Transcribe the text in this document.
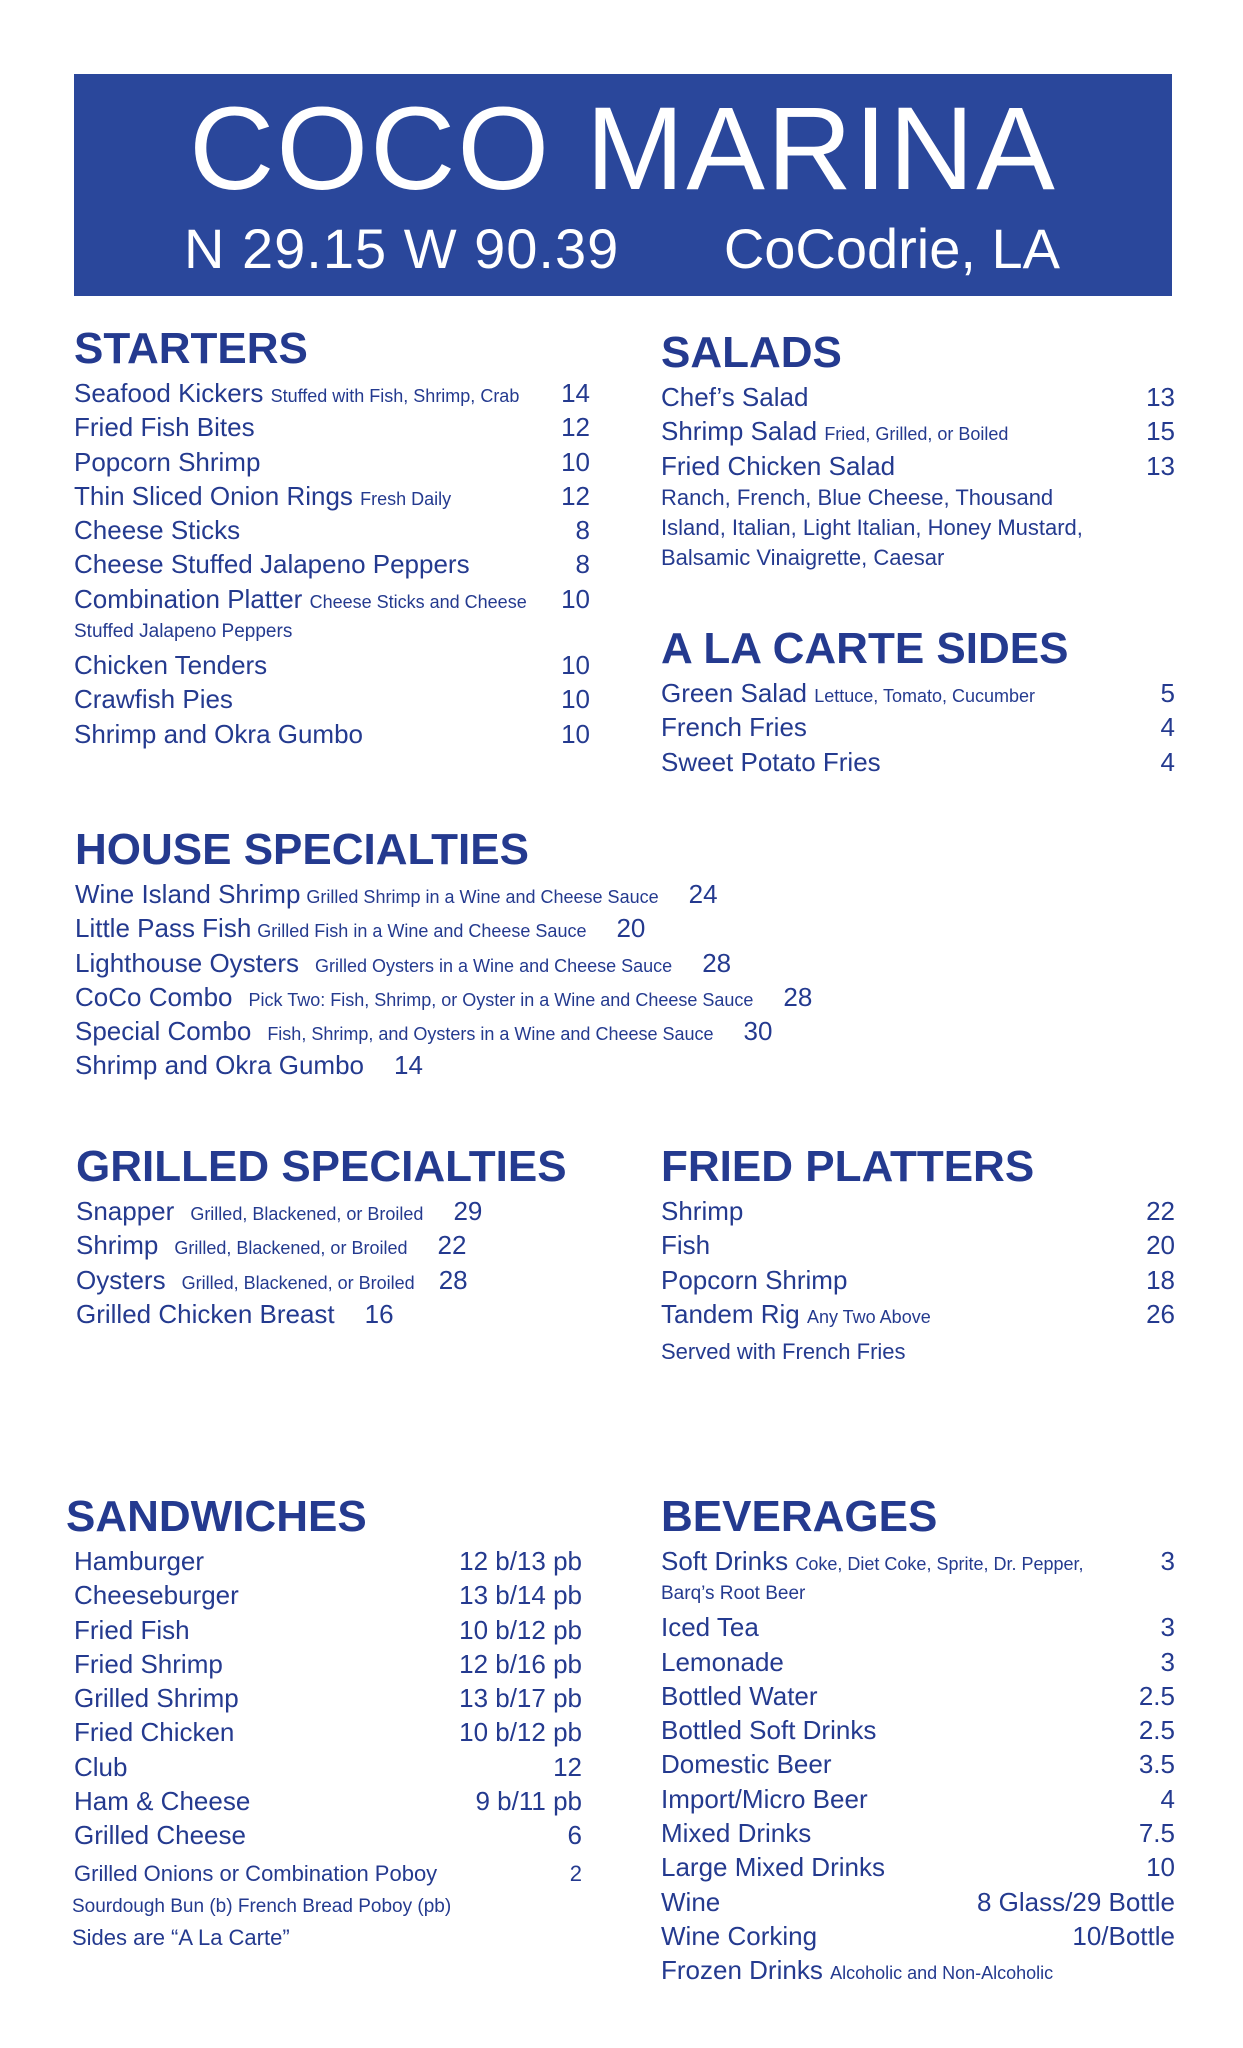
COCO MARINA
N 29.15 W 90.39 CoCodrie, LA
STARTERS
Seafood Kickers Stuffed with Fish, Shrimp, Crab 14
Fried Fish Bites	12
Popcorn Shrimp	10
Thin Sliced Onion Rings Fresh Daily	12
Cheese Sticks	8
Cheese Stuffed Jalapeno Peppers	8
Combination Platter Cheese Sticks and Cheese 10
Stuffed Jalapeno Peppers
Chicken Tenders	10
Crawfish Pies	10
Shrimp and Okra Gumbo	10
SALADS
Chef’s Salad	13
Shrimp Salad Fried, Grilled, or Boiled	15
Fried Chicken Salad	13
Ranch, French, Blue Cheese, Thousand
Island, Italian, Light Italian, Honey Mustard,
Balsamic Vinaigrette, Caesar
A LA CARTE SIDES
Green Salad Lettuce, Tomato, Cucumber	5
French Fries	4
Sweet Potato Fries	4
HOUSE SPECIALTIES
Wine Island Shrimp Grilled Shrimp in a Wine and Cheese Sauce 24
Little Pass Fish Grilled Fish in a Wine and Cheese Sauce 20
Lighthouse Oysters Grilled Oysters in a Wine and Cheese Sauce 28
CoCo Combo Pick Two: Fish, Shrimp, or Oyster in a Wine and Cheese Sauce 28
Special Combo Fish, Shrimp, and Oysters in a Wine and Cheese Sauce 30
Shrimp and Okra Gumbo 14
GRILLED SPECIALTIES
Snapper Grilled, Blackened, or Broiled 29
Shrimp Grilled, Blackened, or Broiled 22
Oysters Grilled, Blackened, or Broiled 28
Grilled Chicken Breast 16
FRIED PLATTERS
Shrimp	22
Fish	20
Popcorn Shrimp	18
Tandem Rig Any Two Above	26
Served with French Fries
SANDWICHES
Hamburger	12 b/13 pb
Cheeseburger	13 b/14 pb
Fried Fish	10 b/12 pb
Fried Shrimp	12 b/16 pb
Grilled Shrimp	13 b/17 pb
Fried Chicken	10 b/12 pb
Club	12
Ham & Cheese	9 b/11 pb
Grilled Cheese	6
Grilled Onions or Combination Poboy	2
Sourdough Bun (b) French Bread Poboy (pb)
Sides are “A La Carte”
BEVERAGES
Soft Drinks Coke, Diet Coke, Sprite, Dr. Pepper,	3
Barq’s Root Beer
Iced Tea	3
Lemonade	3
Bottled Water	2.5
Bottled Soft Drinks	2.5
Domestic Beer	3.5
Import/Micro Beer	4
Mixed Drinks	7.5
Large Mixed Drinks	10
Wine	8 Glass/29 Bottle
Wine Corking	10/Bottle
Frozen Drinks Alcoholic and Non-Alcoholic
